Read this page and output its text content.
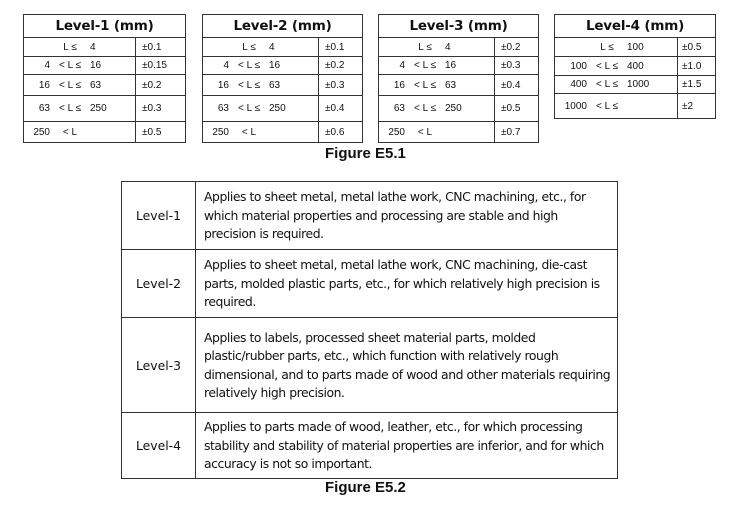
Level-1 (mm)	

L ≤ 4	±0.1

4 < L ≤ 16	±0.15

16 < L ≤ 63	±0.2

63 < L ≤ 250	±0.3

250 < L	±0.5
Level-2 (mm)	

L ≤ 4	±0.1

4 < L ≤ 16	±0.2

16 < L ≤ 63	±0.3

63 < L ≤ 250	±0.4

250 < L	±0.6
Level-3 (mm)	

L ≤ 4	±0.2

4 < L ≤ 16	±0.3

16 < L ≤ 63	±0.4

63 < L ≤ 250	±0.5

250 < L	±0.7
Level-4 (mm)	

L ≤ 100	±0.5

100 < L ≤ 400	±1.0

400 < L ≤ 1000	±1.5

1000 < L ≤	±2
Figure E5.1
Level-1	Applies to sheet metal, metal lathe work, CNC machining, etc., for which material properties and processing are stable and high precision is required.
Level-2	Applies to sheet metal, metal lathe work, CNC machining, die-cast parts, molded plastic parts, etc., for which relatively high precision is required.
Level-3	Applies to labels, processed sheet material parts, molded plastic/rubber parts, etc., which function with relatively rough dimensional, and to parts made of wood and other materials requiring relatively high precision.
Level-4	Applies to parts made of wood, leather, etc., for which processing stability and stability of material properties are inferior, and for which accuracy is not so important.
Figure E5.2
